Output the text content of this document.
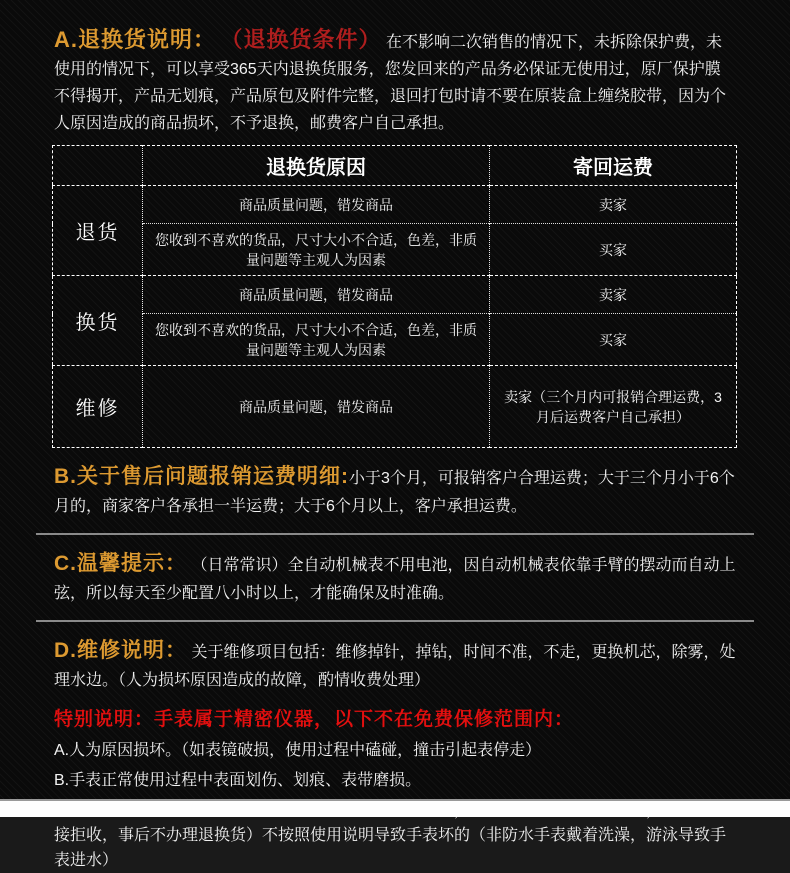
A.退换货说明： （退换货条件） 在不影响二次销售的情况下，未拆除保护费，未使用的情况下，可以享受365天内退换货服务，您发回来的产品务必保证无使用过，原厂保护膜不得揭开，产品无划痕，产品原包及附件完整，退回打包时请不要在原装盒上缠绕胶带，因为个人原因造成的商品损坏，不予退换，邮费客户自己承担。

	退换货原因	寄回运费
退货	商品质量问题，错发商品	卖家
	您收到不喜欢的货品，尺寸大小不合适，色差，非质量问题等主观人为因素	买家
换货	商品质量问题，错发商品	卖家
	您收到不喜欢的货品，尺寸大小不合适，色差，非质量问题等主观人为因素	买家
维修	商品质量问题，错发商品	卖家（三个月内可报销合理运费，3月后运费客户自己承担）

B.关于售后问题报销运费明细:小于3个月，可报销客户合理运费；大于三个月小于6个月的，商家客户各承担一半运费；大于6个月以上，客户承担运费。

C.温馨提示： （日常常识）全自动机械表不用电池，因自动机械表依靠手臂的摆动而自动上弦，所以每天至少配置八小时以上，才能确保及时准确。

D.维修说明： 关于维修项目包括：维修掉针，掉钻，时间不准，不走，更换机芯，除雾，处理水边。（人为损坏原因造成的故障，酌情收费处理）

特别说明：手表属于精密仪器，以下不在免费保修范围内：

A.人为原因损坏。（如表镜破损，使用过程中磕碰，撞击引起表停走）

B.手表正常使用过程中表面划伤、划痕、表带磨损。

接拒收，事后不办理退换货）不按照使用说明导致手表坏的（非防水手表戴着洗澡，游泳导致手表进水）
